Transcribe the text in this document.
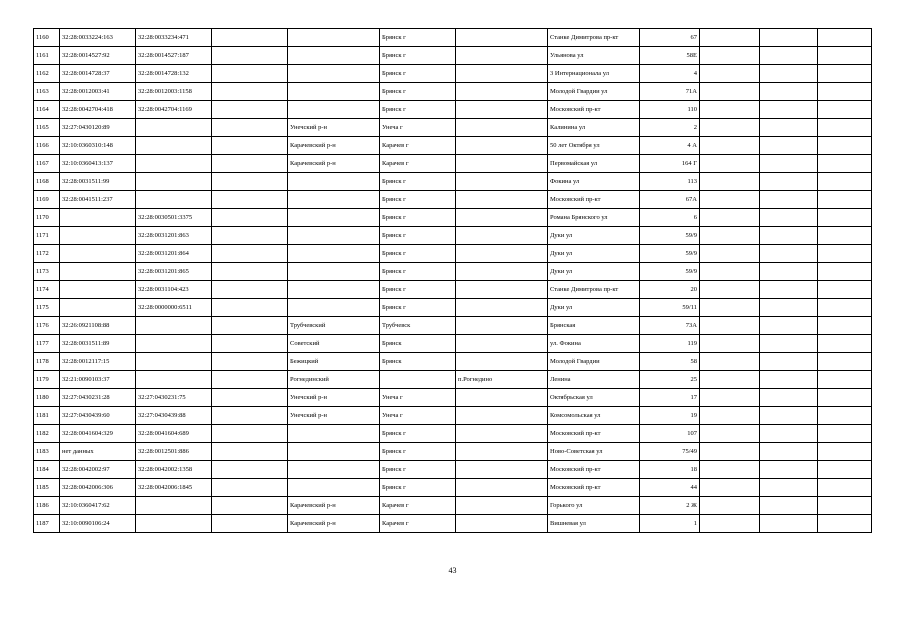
1160	32:28:0033224:163	32:28:0033234:471			Брянск г		Станке Димитрова пр-кт	67			
1161	32:28:0014527:92	32:28:0014527:187			Брянск г		Ульянова ул	58Е			
1162	32:28:0014728:37	32:28:0014728:132			Брянск г		3 Интернационала ул	4			
1163	32:28:0012003:41	32:28:0012003:1158			Брянск г		Молодой Гвардии ул	71А			
1164	32:28:0042704:418	32:28:0042704:1169			Брянск г		Московский пр-кт	110			
1165	32:27:0430120:89			Унечский р-н	Унеча г		Калинина ул	2			
1166	32:10:0360310:148			Карачевский р-н	Карачев г		50 лет Октября ул	4 А			
1167	32:10:0360413:137			Карачевский р-н	Карачев г		Первомайская ул	164 Г			
1168	32:28:0031511:99				Брянск г		Фокина ул	113			
1169	32:28:0041511:237				Брянск г		Московский пр-кт	67А			
1170		32:28:0030501:3375			Брянск г		Романа Брянского ул	6			
1171		32:28:0031201:863			Брянск г		Дуки ул	59/9			
1172		32:28:0031201:864			Брянск г		Дуки ул	59/9			
1173		32:28:0031201:865			Брянск г		Дуки ул	59/9			
1174		32:28:0031104:423			Брянск г		Станке Димитрова пр-кт	20			
1175		32:28:0000000:6511			Брянск г		Дуки ул	59/11			
1176	32:26:0921108:88			Трубчевский	Трубчевск		Брянская	73А			
1177	32:28:0031511:89			Советский	Брянск		ул. Фокина	119			
1178	32:28:0012117:15			Бежицкий	Брянск		Молодой Гвардии	58			
1179	32:21:0090103:37			Рогнединский		п.Рогнедино	Ленина	25			
1180	32:27:0430231:28	32:27:0430231:75		Унечский р-н	Унеча г		Октябрьская ул	17			
1181	32:27:0430439:60	32:27:0430439:88		Унечский р-н	Унеча г		Комсомольская ул	19			
1182	32:28:0041604:329	32:28:0041604:689			Брянск г		Московский пр-кт	107			
1183	нет данных	32:28:0012501:886			Брянск г		Ново-Советская ул	75/49			
1184	32:28:0042002:97	32:28:0042002:1358			Брянск г		Московский пр-кт	18			
1185	32:28:0042006:306	32:28:0042006:1845			Брянск г		Московский пр-кт	44			
1186	32:10:0360417:62			Карачевский р-н	Карачев г		Горького ул	2 Ж			
1187	32:10:0090106:24			Карачевский р-н	Карачев г		Вишневая ул	1			
43
